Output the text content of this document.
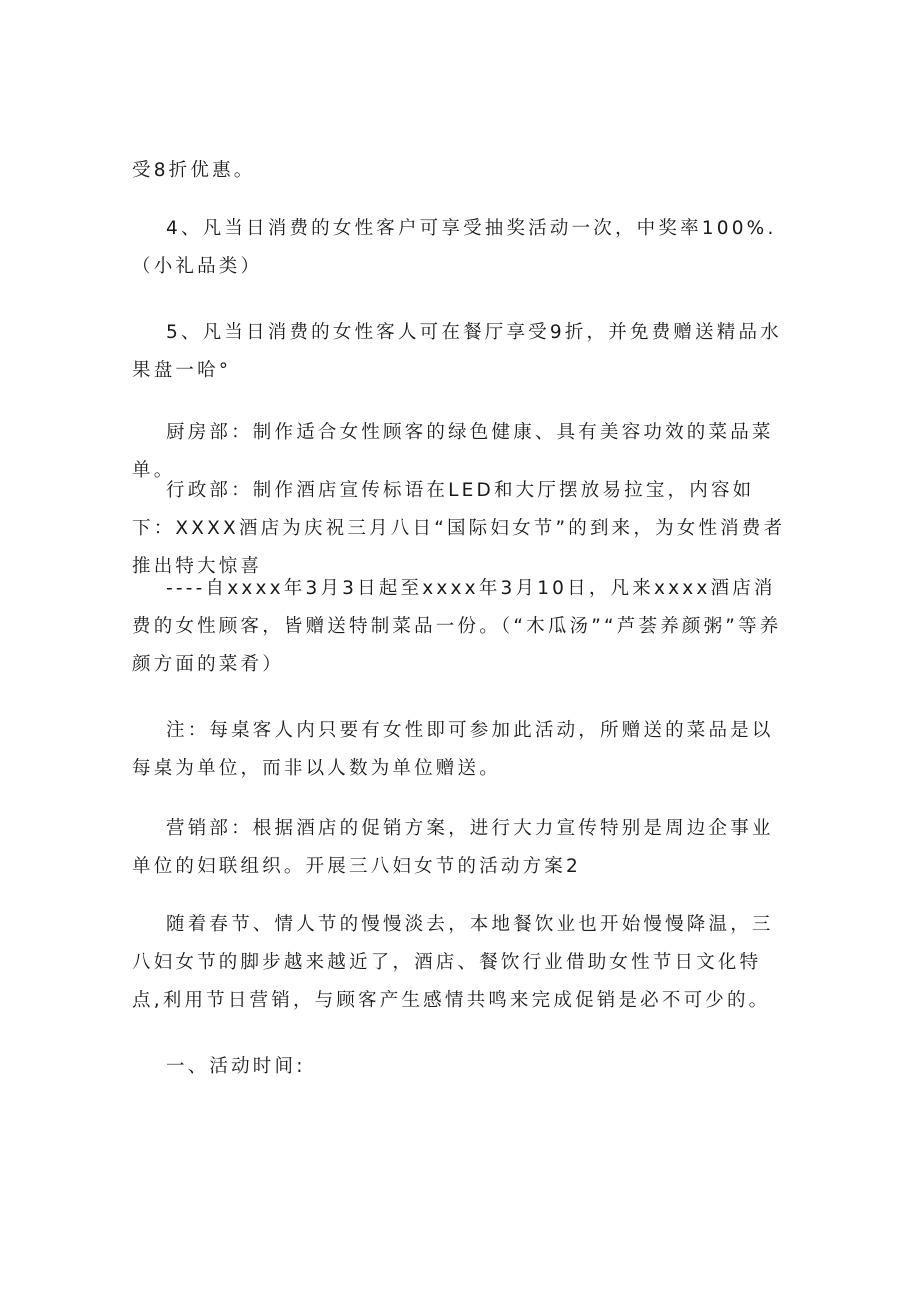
受8折优惠。

4、凡当日消费的女性客户可享受抽奖活动一次，中奖率100%.（小礼品类）

5、凡当日消费的女性客人可在餐厅享受9折，并免费赠送精品水果盘一哈°

厨房部：制作适合女性顾客的绿色健康、具有美容功效的菜品菜单。

行政部：制作酒店宣传标语在LED和大厅摆放易拉宝，内容如下：XXXX酒店为庆祝三月八日“国际妇女节”的到来，为女性消费者推出特大惊喜

----自xxxx年3月3日起至xxxx年3月10日，凡来xxxx酒店消费的女性顾客，皆赠送特制菜品一份。（“木瓜汤”“芦荟养颜粥”等养颜方面的菜肴）

注：每桌客人内只要有女性即可参加此活动，所赠送的菜品是以每桌为单位，而非以人数为单位赠送。

营销部：根据酒店的促销方案，进行大力宣传特别是周边企事业单位的妇联组织。开展三八妇女节的活动方案2

随着春节、情人节的慢慢淡去，本地餐饮业也开始慢慢降温，三八妇女节的脚步越来越近了，酒店、餐饮行业借助女性节日文化特点,利用节日营销，与顾客产生感情共鸣来完成促销是必不可少的。

一、活动时间:
